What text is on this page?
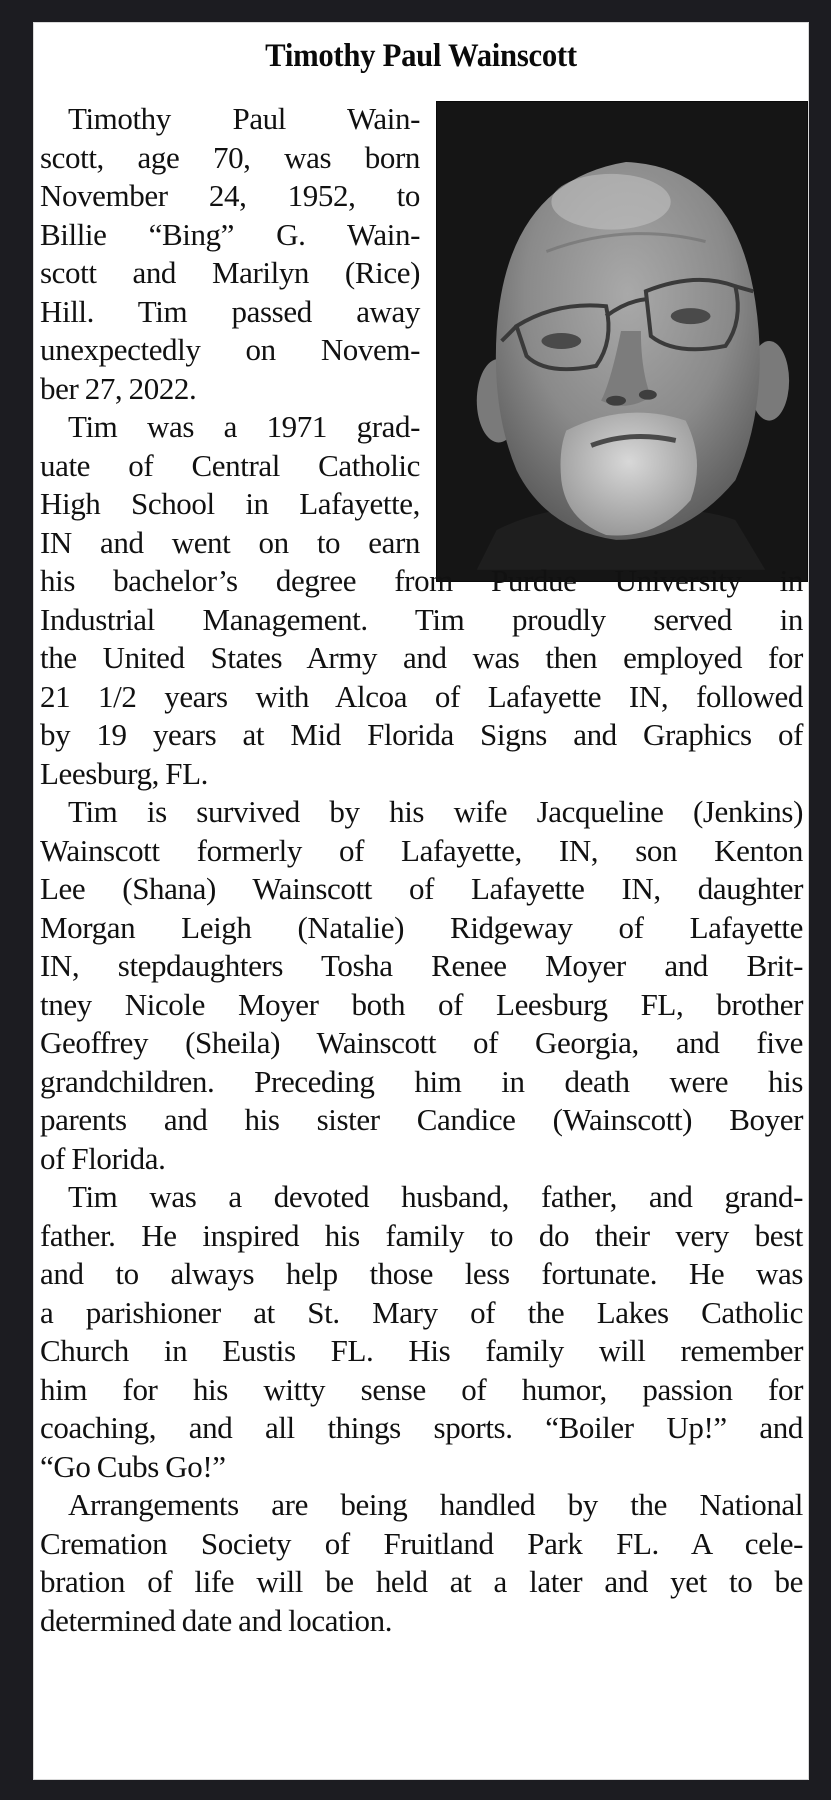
Timothy Paul Wainscott
Timothy Paul Wain-
scott, age 70, was born
November 24, 1952, to
Billie “Bing” G. Wain-
scott and Marilyn (Rice)
Hill. Tim passed away
unexpectedly on Novem-
ber 27, 2022.
Tim was a 1971 grad-
uate of Central Catholic
High School in Lafayette,
IN and went on to earn
his bachelor’s degree from Purdue University in
Industrial Management. Tim proudly served in
the United States Army and was then employed for
21 1/2 years with Alcoa of Lafayette IN, followed
by 19 years at Mid Florida Signs and Graphics of
Leesburg, FL.
Tim is survived by his wife Jacqueline (Jenkins)
Wainscott formerly of Lafayette, IN, son Kenton
Lee (Shana) Wainscott of Lafayette IN, daughter
Morgan Leigh (Natalie) Ridgeway of Lafayette
IN, stepdaughters Tosha Renee Moyer and Brit-
tney Nicole Moyer both of Leesburg FL, brother
Geoffrey (Sheila) Wainscott of Georgia, and five
grandchildren. Preceding him in death were his
parents and his sister Candice (Wainscott) Boyer
of Florida.
Tim was a devoted husband, father, and grand-
father. He inspired his family to do their very best
and to always help those less fortunate. He was
a parishioner at St. Mary of the Lakes Catholic
Church in Eustis FL. His family will remember
him for his witty sense of humor, passion for
coaching, and all things sports. “Boiler Up!” and
“Go Cubs Go!”
Arrangements are being handled by the National
Cremation Society of Fruitland Park FL. A cele-
bration of life will be held at a later and yet to be
determined date and location.
